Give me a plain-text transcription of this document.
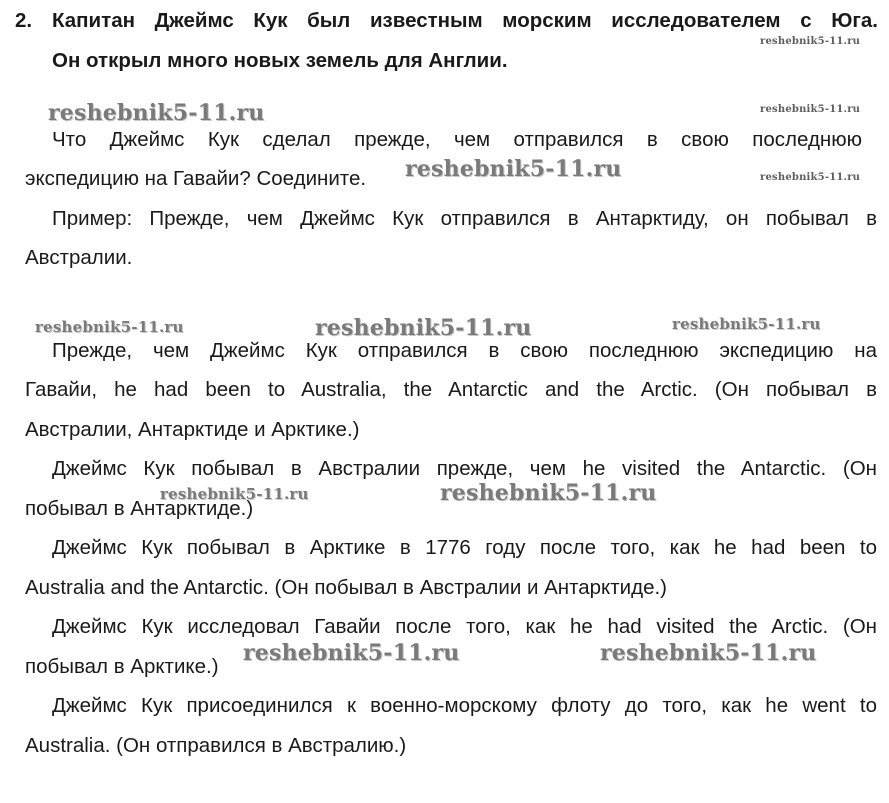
2. Капитан Джеймс Кук был известным морским исследователем с Юга.

Он открыл много новых земель для Англии.

Что Джеймс Кук сделал прежде, чем отправился в свою последнюю

экспедицию на Гавайи? Соедините.

Пример: Прежде, чем Джеймс Кук отправился в Антарктиду, он побывал в

Австралии.

Прежде, чем Джеймс Кук отправился в свою последнюю экспедицию на

Гавайи, he had been to Australia, the Antarctic and the Arctic. (Он побывал в

Австралии, Антарктиде и Арктике.)

Джеймс Кук побывал в Австралии прежде, чем he visited the Antarctic. (Он

побывал в Антарктиде.)

Джеймс Кук побывал в Арктике в 1776 году после того, как he had been to

Australia and the Antarctic. (Он побывал в Австралии и Антарктиде.)

Джеймс Кук исследовал Гавайи после того, как he had visited the Arctic. (Он

побывал в Арктике.)

Джеймс Кук присоединился к военно-морскому флоту до того, как he went to

Australia. (Он отправился в Австралию.)

reshebnik5-11.ru
reshebnik5-11.ru	reshebnik5-11.ru
reshebnik5-11.ru	reshebnik5-11.ru
reshebnik5-11.ru	reshebnik5-11.ru	reshebnik5-11.ru
reshebnik5-11.ru	reshebnik5-11.ru
reshebnik5-11.ru	reshebnik5-11.ru
